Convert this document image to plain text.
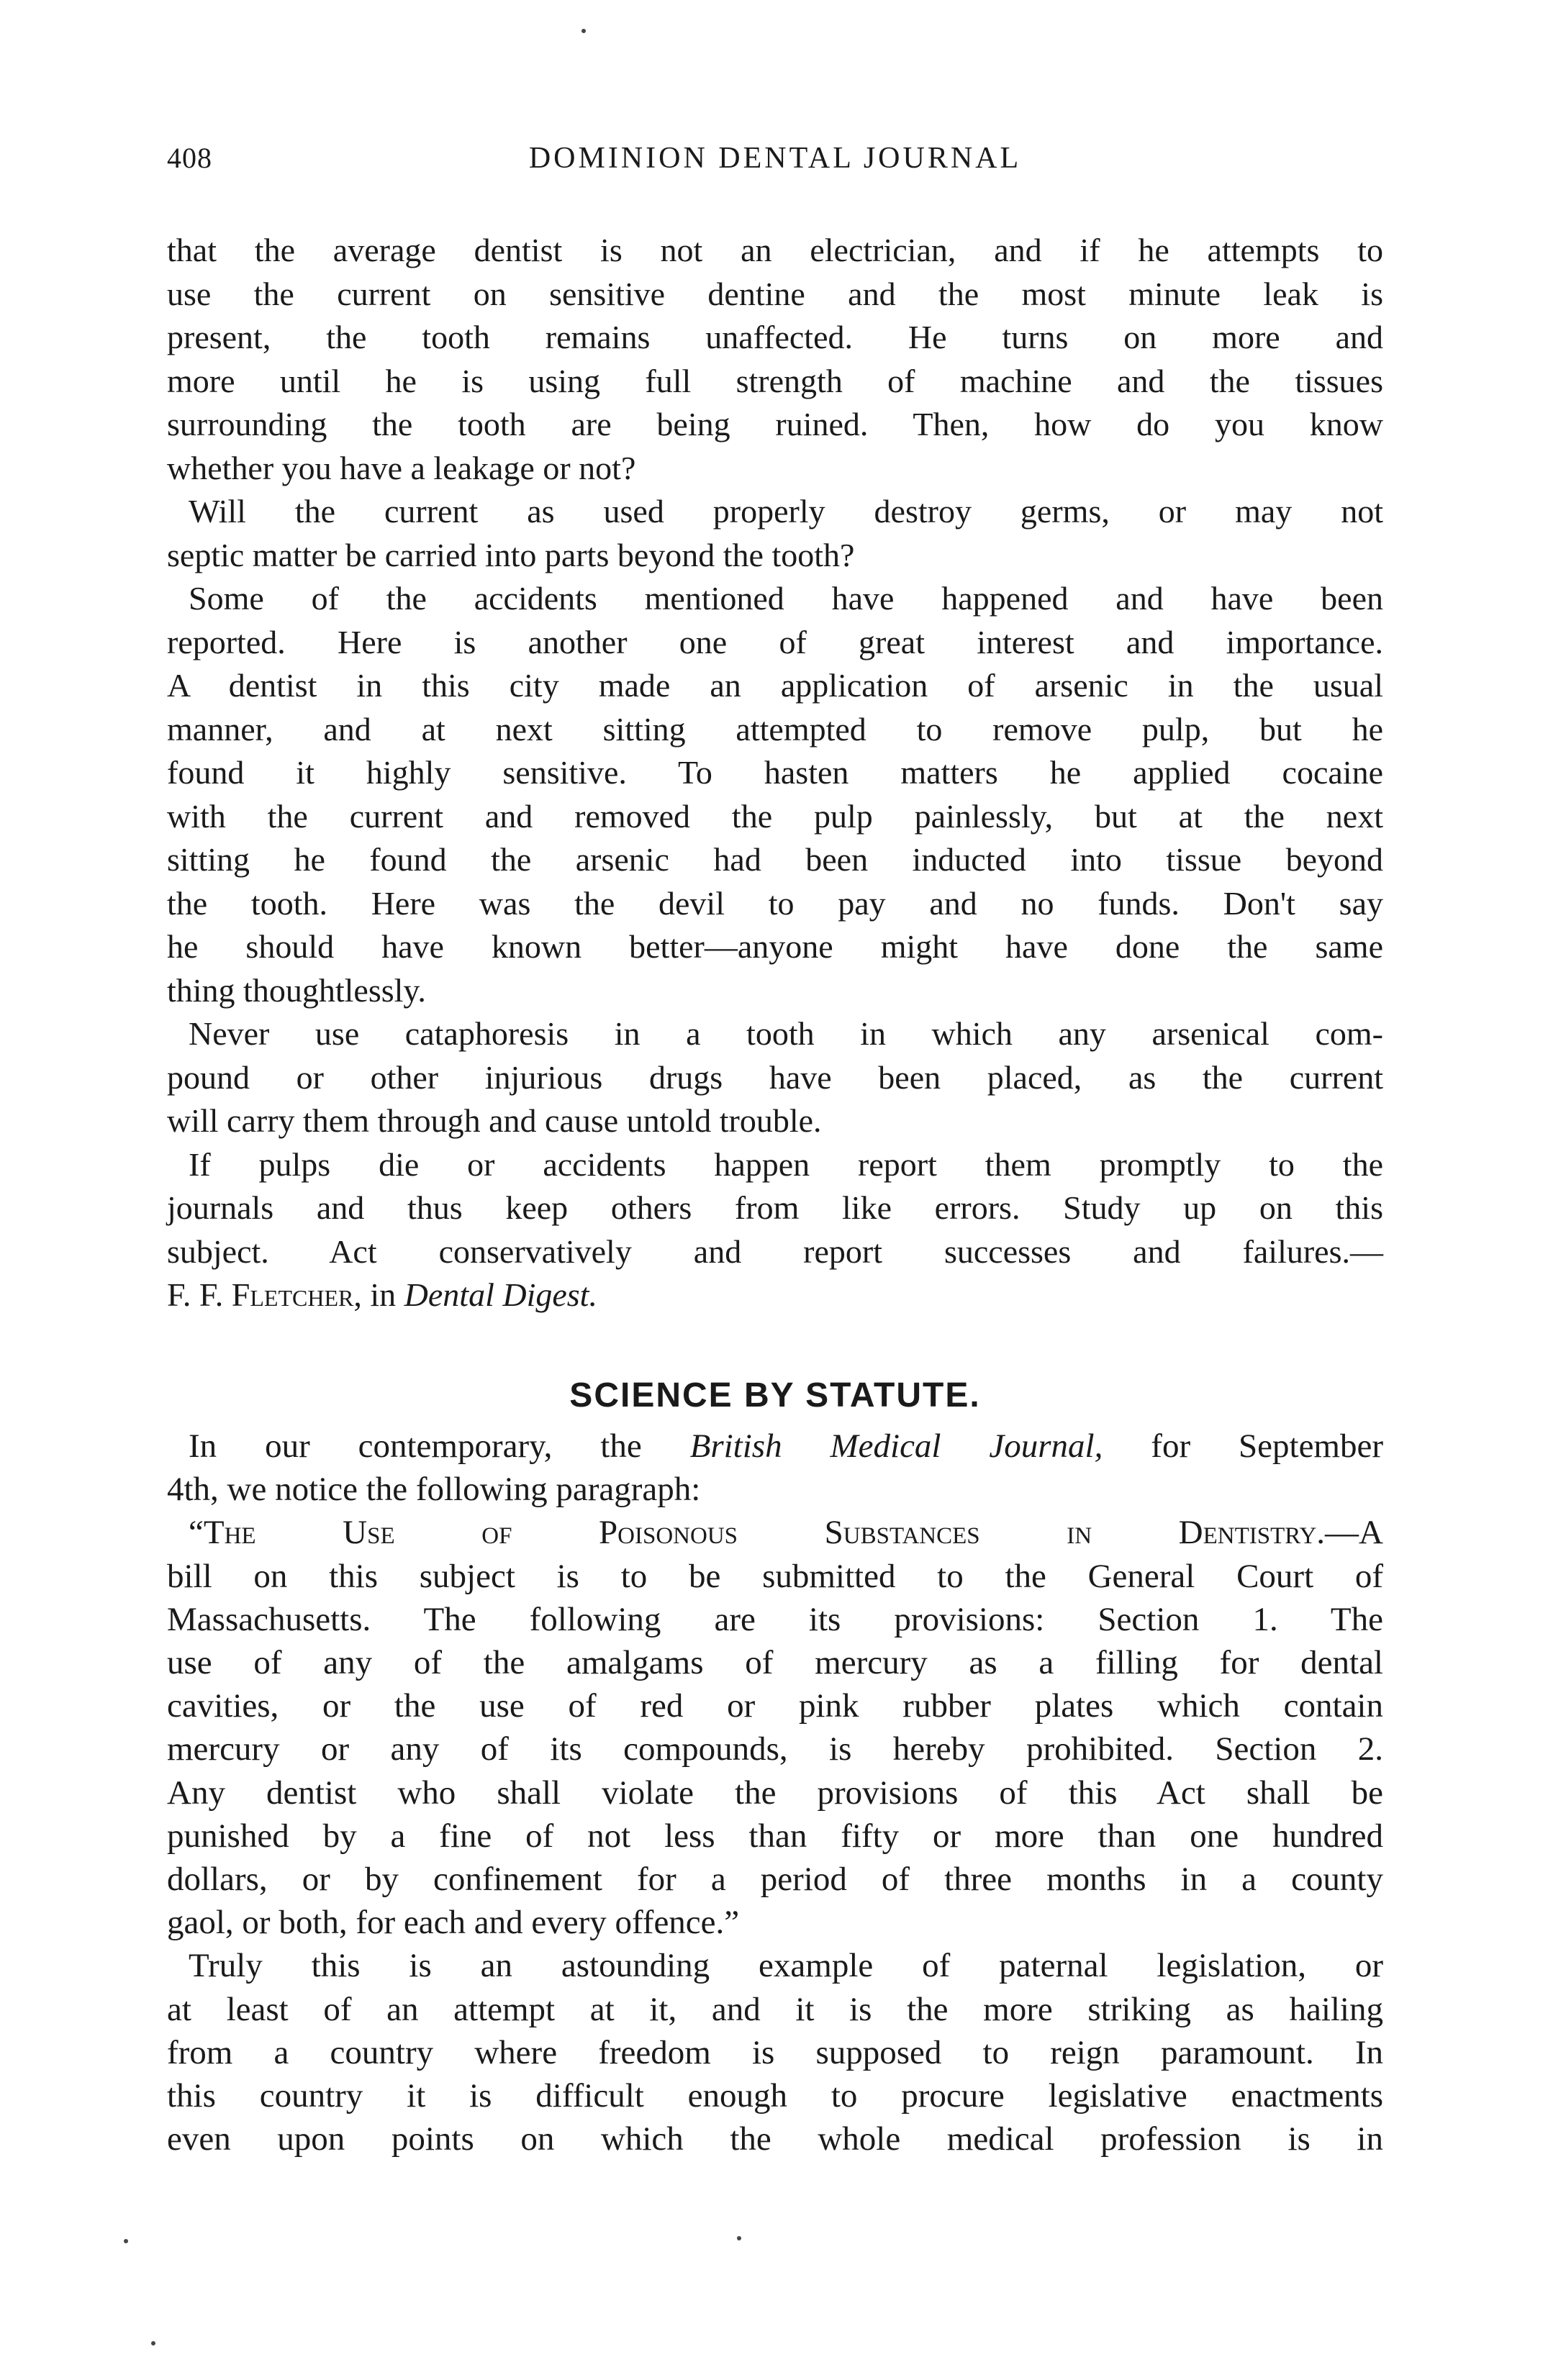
408	DOMINION DENTAL JOURNAL

that the average dentist is not an electrician, and if he attempts to
use the current on sensitive dentine and the most minute leak is
present, the tooth remains unaffected. He turns on more and
more until he is using full strength of machine and the tissues
surrounding the tooth are being ruined. Then, how do you know
whether you have a leakage or not?

Will the current as used properly destroy germs, or may not
septic matter be carried into parts beyond the tooth?

Some of the accidents mentioned have happened and have been
reported. Here is another one of great interest and importance.
A dentist in this city made an application of arsenic in the usual
manner, and at next sitting attempted to remove pulp, but he
found it highly sensitive. To hasten matters he applied cocaine
with the current and removed the pulp painlessly, but at the next
sitting he found the arsenic had been inducted into tissue beyond
the tooth. Here was the devil to pay and no funds. Don't say
he should have known better—anyone might have done the same
thing thoughtlessly.

Never use cataphoresis in a tooth in which any arsenical com-
pound or other injurious drugs have been placed, as the current
will carry them through and cause untold trouble.

If pulps die or accidents happen report them promptly to the
journals and thus keep others from like errors. Study up on this
subject. Act conservatively and report successes and failures.—
F. F. Fletcher, in Dental Digest.

SCIENCE BY STATUTE.

In our contemporary, the British Medical Journal, for September
4th, we notice the following paragraph:

“The Use of Poisonous Substances in Dentistry.—A
bill on this subject is to be submitted to the General Court of
Massachusetts. The following are its provisions: Section 1. The
use of any of the amalgams of mercury as a filling for dental
cavities, or the use of red or pink rubber plates which contain
mercury or any of its compounds, is hereby prohibited. Section 2.
Any dentist who shall violate the provisions of this Act shall be
punished by a fine of not less than fifty or more than one hundred
dollars, or by confinement for a period of three months in a county
gaol, or both, for each and every offence.”

Truly this is an astounding example of paternal legislation, or
at least of an attempt at it, and it is the more striking as hailing
from a country where freedom is supposed to reign paramount. In
this country it is difficult enough to procure legislative enactments
even upon points on which the whole medical profession is in
